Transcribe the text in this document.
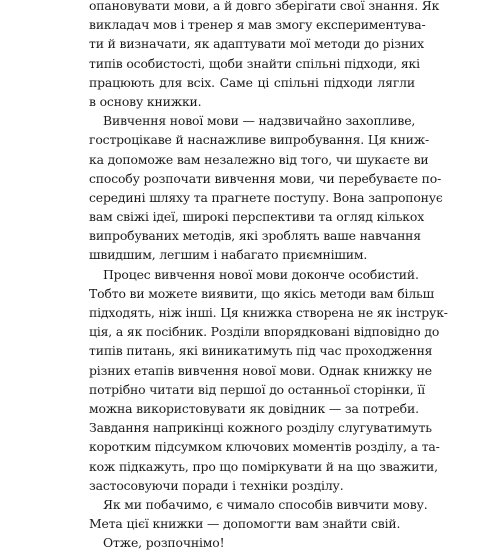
опановувати мови, а й довго зберігати свої знання. Як
викладач мов і тренер я мав змогу експериментува-
ти й визначати, як адаптувати мої методи до різних
типів особистості, щоби знайти спільні підходи, які
працюють для всіх. Саме ці спільні підходи лягли
в основу книжки.
Вивчення нової мови — надзвичайно захопливе,
гостроцікаве й наснажливе випробування. Ця книж-
ка допоможе вам незалежно від того, чи шукаєте ви
способу розпочати вивчення мови, чи перебуваєте по-
середині шляху та прагнете поступу. Вона запропонує
вам свіжі ідеї, широкі перспективи та огляд кількох
випробуваних методів, які зроблять ваше навчання
швидшим, легшим і набагато приємнішим.
Процес вивчення нової мови доконче особистий.
Тобто ви можете виявити, що якісь методи вам більш
підходять, ніж інші. Ця книжка створена не як інструк-
ція, а як посібник. Розділи впорядковані відповідно до
типів питань, які виникатимуть під час проходження
різних етапів вивчення нової мови. Однак книжку не
потрібно читати від першої до останньої сторінки, її
можна використовувати як довідник — за потреби.
Завдання наприкінці кожного розділу слугуватимуть
коротким підсумком ключових моментів розділу, а та-
кож підкажуть, про що поміркувати й на що зважити,
застосовуючи поради і техніки розділу.
Як ми побачимо, є чимало способів вивчити мову.
Мета цієї книжки — допомогти вам знайти свій.
Отже, розпочнімо!
